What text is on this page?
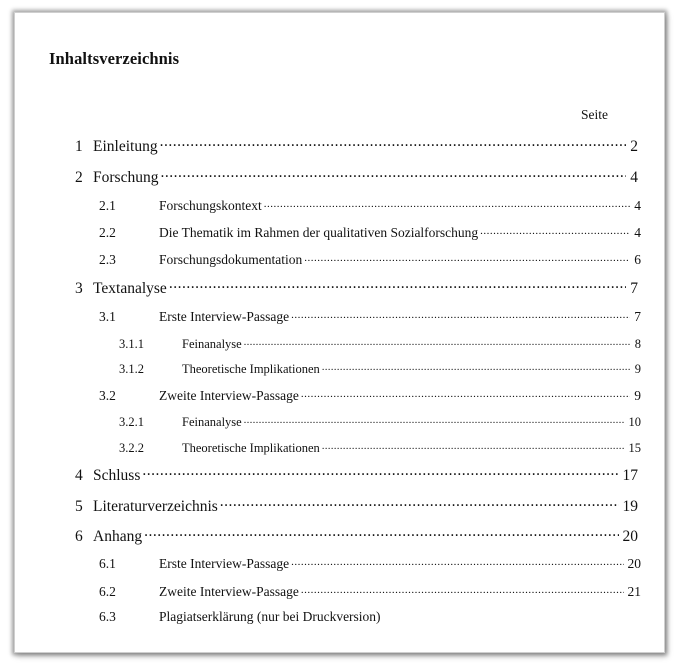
Inhaltsverzeichnis
Seite
1 Einleitung .....	2
2 Forschung .....	4
2.1	Forschungskontext .....	4
2.2	Die Thematik im Rahmen der qualitativen Sozialforschung .....	4
2.3	Forschungsdokumentation .....	6
3 Textanalyse .....	7
3.1	Erste Interview-Passage .....	7
3.1.1	Feinanalyse .....	8
3.1.2	Theoretische Implikationen .....	9
3.2	Zweite Interview-Passage .....	9
3.2.1	Feinanalyse .....	10
3.2.2	Theoretische Implikationen .....	15
4 Schluss .....	17
5 Literaturverzeichnis .....	19
6 Anhang .....	20
6.1	Erste Interview-Passage .....	20
6.2	Zweite Interview-Passage .....	21
6.3	Plagiatserklärung (nur bei Druckversion)
